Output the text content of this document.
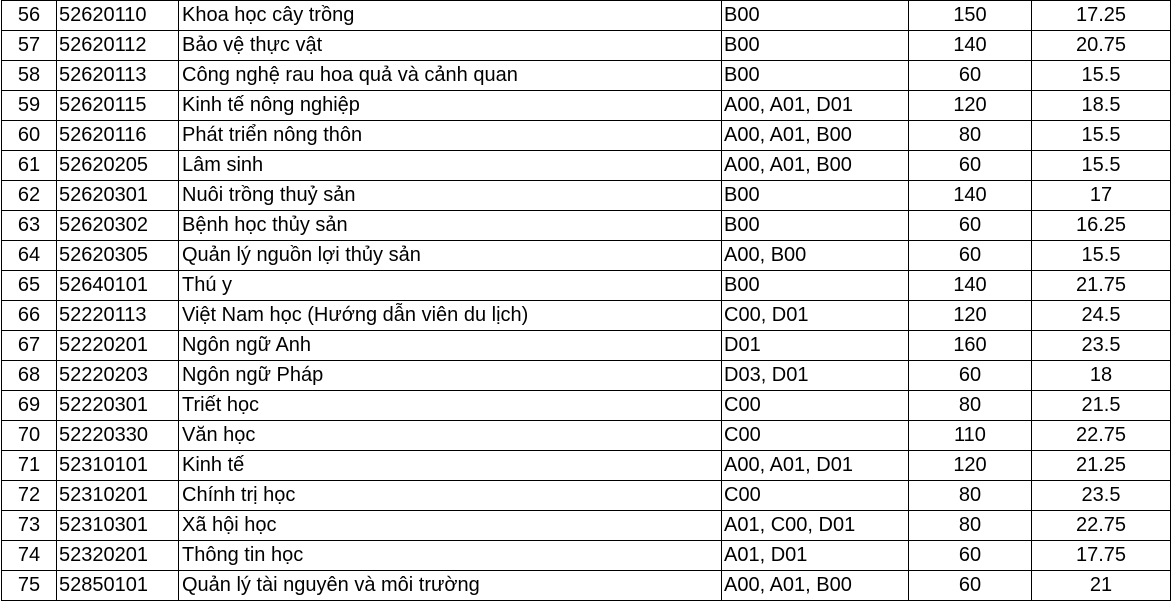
56	52620110	Khoa học cây trồng	B00	150	17.25
57	52620112	Bảo vệ thực vật	B00	140	20.75
58	52620113	Công nghệ rau hoa quả và cảnh quan	B00	60	15.5
59	52620115	Kinh tế nông nghiệp	A00, A01, D01	120	18.5
60	52620116	Phát triển nông thôn	A00, A01, B00	80	15.5
61	52620205	Lâm sinh	A00, A01, B00	60	15.5
62	52620301	Nuôi trồng thuỷ sản	B00	140	17
63	52620302	Bệnh học thủy sản	B00	60	16.25
64	52620305	Quản lý nguồn lợi thủy sản	A00, B00	60	15.5
65	52640101	Thú y	B00	140	21.75
66	52220113	Việt Nam học (Hướng dẫn viên du lịch)	C00, D01	120	24.5
67	52220201	Ngôn ngữ Anh	D01	160	23.5
68	52220203	Ngôn ngữ Pháp	D03, D01	60	18
69	52220301	Triết học	C00	80	21.5
70	52220330	Văn học	C00	110	22.75
71	52310101	Kinh tế	A00, A01, D01	120	21.25
72	52310201	Chính trị học	C00	80	23.5
73	52310301	Xã hội học	A01, C00, D01	80	22.75
74	52320201	Thông tin học	A01, D01	60	17.75
75	52850101	Quản lý tài nguyên và môi trường	A00, A01, B00	60	21
